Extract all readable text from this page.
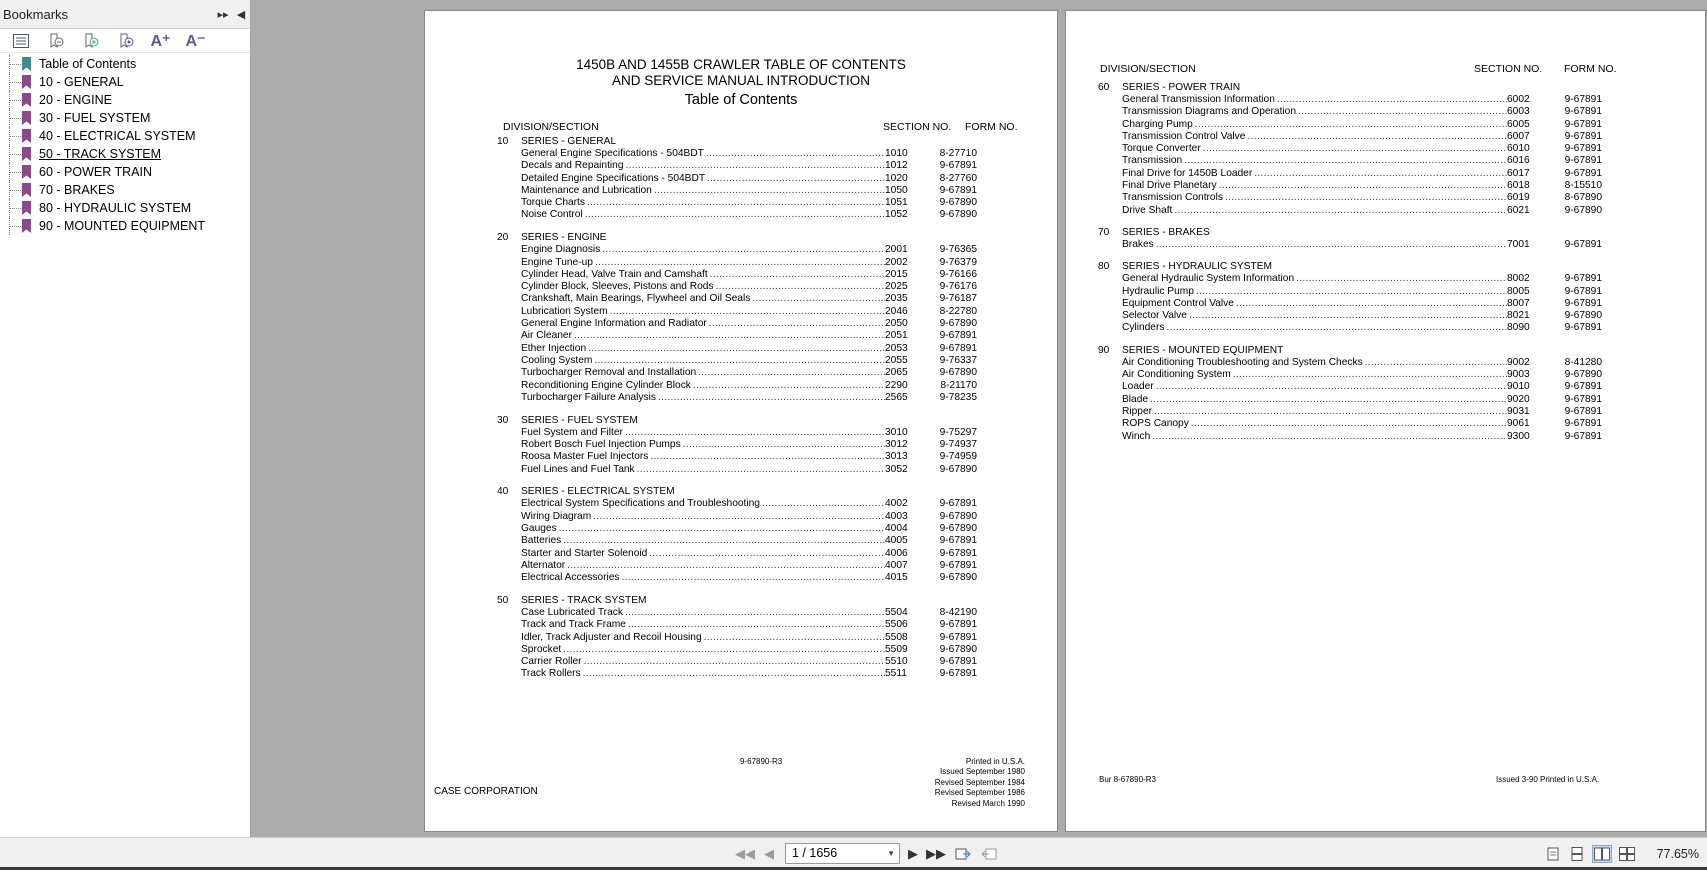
Bookmarks	▸▸ ◀
A⁺ A⁻
Table of Contents
10 - GENERAL
20 - ENGINE
30 - FUEL SYSTEM
40 - ELECTRICAL SYSTEM
50 - TRACK SYSTEM
60 - POWER TRAIN
70 - BRAKES
80 - HYDRAULIC SYSTEM
90 - MOUNTED EQUIPMENT
1450B AND 1455B CRAWLER TABLE OF CONTENTS
AND SERVICE MANUAL INTRODUCTION
Table of Contents
DIVISION/SECTION	SECTION NO. FORM NO.
10	SERIES - GENERAL
General Engine Specifications - 504BDT .....	1010	8-27710
Decals and Repainting .....	1012	9-67891
Detailed Engine Specifications - 504BDT .....	1020	8-27760
Maintenance and Lubrication .....	1050	9-67891
Torque Charts .....	1051	9-67890
Noise Control .....	1052	9-67890
20	SERIES - ENGINE
Engine Diagnosis .....	2001	9-76365
Engine Tune-up .....	2002	9-76379
Cylinder Head, Valve Train and Camshaft .....	2015	9-76166
Cylinder Block, Sleeves, Pistons and Rods .....	2025	9-76176
Crankshaft, Main Bearings, Flywheel and Oil Seals .....	2035	9-76187
Lubrication System .....	2046	8-22780
General Engine Information and Radiator .....	2050	9-67890
Air Cleaner .....	2051	9-67891
Ether Injection .....	2053	9-67891
Cooling System .....	2055	9-76337
Turbocharger Removal and Installation .....	2065	9-67890
Reconditioning Engine Cylinder Block .....	2290	8-21170
Turbocharger Failure Analysis .....	2565	9-78235
30	SERIES - FUEL SYSTEM
Fuel System and Filter .....	3010	9-75297
Robert Bosch Fuel Injection Pumps .....	3012	9-74937
Roosa Master Fuel Injectors .....	3013	9-74959
Fuel Lines and Fuel Tank .....	3052	9-67890
40	SERIES - ELECTRICAL SYSTEM
Electrical System Specifications and Troubleshooting .....	4002	9-67891
Wiring Diagram .....	4003	9-67890
Gauges .....	4004	9-67890
Batteries .....	4005	9-67891
Starter and Starter Solenoid .....	4006	9-67891
Alternator .....	4007	9-67891
Electrical Accessories .....	4015	9-67890
50	SERIES - TRACK SYSTEM
Case Lubricated Track .....	5504	8-42190
Track and Track Frame .....	5506	9-67891
Idler, Track Adjuster and Recoil Housing .....	5508	9-67891
Sprocket .....	5509	9-67890
Carrier Roller .....	5510	9-67891
Track Rollers .....	5511	9-67891
9-67890-R3
CASE CORPORATION
Printed in U.S.A.
Issued September 1980
Revised September 1984
Revised September 1986
Revised March 1990
DIVISION/SECTION	SECTION NO. FORM NO.
60	SERIES - POWER TRAIN
General Transmission Information .....	6002	9-67891
Transmission Diagrams and Operation .....	6003	9-67891
Charging Pump .....	6005	9-67891
Transmission Control Valve .....	6007	9-67891
Torque Converter .....	6010	9-67891
Transmission .....	6016	9-67891
Final Drive for 1450B Loader .....	6017	9-67891
Final Drive Planetary .....	6018	8-15510
Transmission Controls .....	6019	8-67890
Drive Shaft .....	6021	9-67890
70	SERIES - BRAKES
Brakes .....	7001	9-67891
80	SERIES - HYDRAULIC SYSTEM
General Hydraulic System Information .....	8002	9-67891
Hydraulic Pump .....	8005	9-67891
Equipment Control Valve .....	8007	9-67891
Selector Valve .....	8021	9-67890
Cylinders .....	8090	9-67891
90	SERIES - MOUNTED EQUIPMENT
Air Conditioning Troubleshooting and System Checks .....	9002	8-41280
Air Conditioning System .....	9003	9-67890
Loader .....	9010	9-67891
Blade .....	9020	9-67891
Ripper .....	9031	9-67891
ROPS Canopy .....	9061	9-67891
Winch .....	9300	9-67891
Bur 8-67890-R3	Issued 3-90 Printed in U.S.A.
◀◀ ◀	1 / 1656	▼ ▶ ▶▶	77.65%
